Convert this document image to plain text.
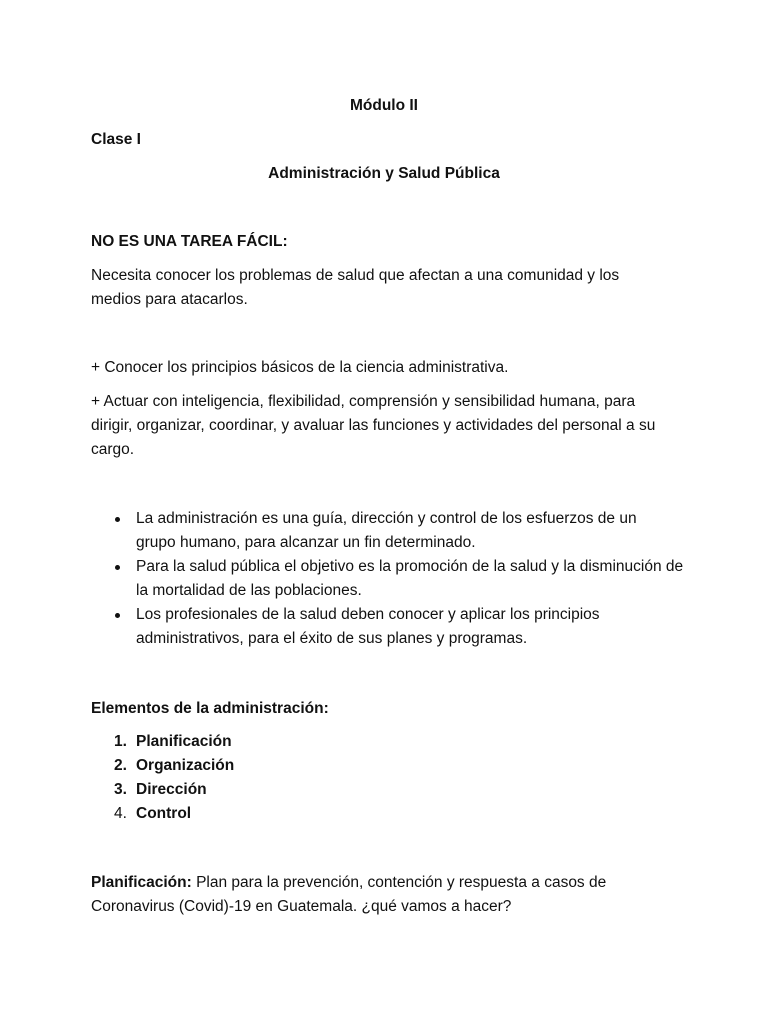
Módulo II
Clase I
Administración y Salud Pública
NO ES UNA TAREA FÁCIL:
Necesita conocer los problemas de salud que afectan a una comunidad y los medios para atacarlos.
+ Conocer los principios básicos de la ciencia administrativa.
+ Actuar con inteligencia, flexibilidad, comprensión y sensibilidad humana, para dirigir, organizar, coordinar, y avaluar las funciones y actividades del personal a su cargo.
La administración es una guía, dirección y control de los esfuerzos de un grupo humano, para alcanzar un fin determinado.
Para la salud pública el objetivo es la promoción de la salud y la disminución de la mortalidad de las poblaciones.
Los profesionales de la salud deben conocer y aplicar los principios administrativos, para el éxito de sus planes y programas.
Elementos de la administración:
1. Planificación
2. Organización
3. Dirección
4. Control
Planificación: Plan para la prevención, contención y respuesta a casos de Coronavirus (Covid)-19 en Guatemala. ¿qué vamos a hacer?
